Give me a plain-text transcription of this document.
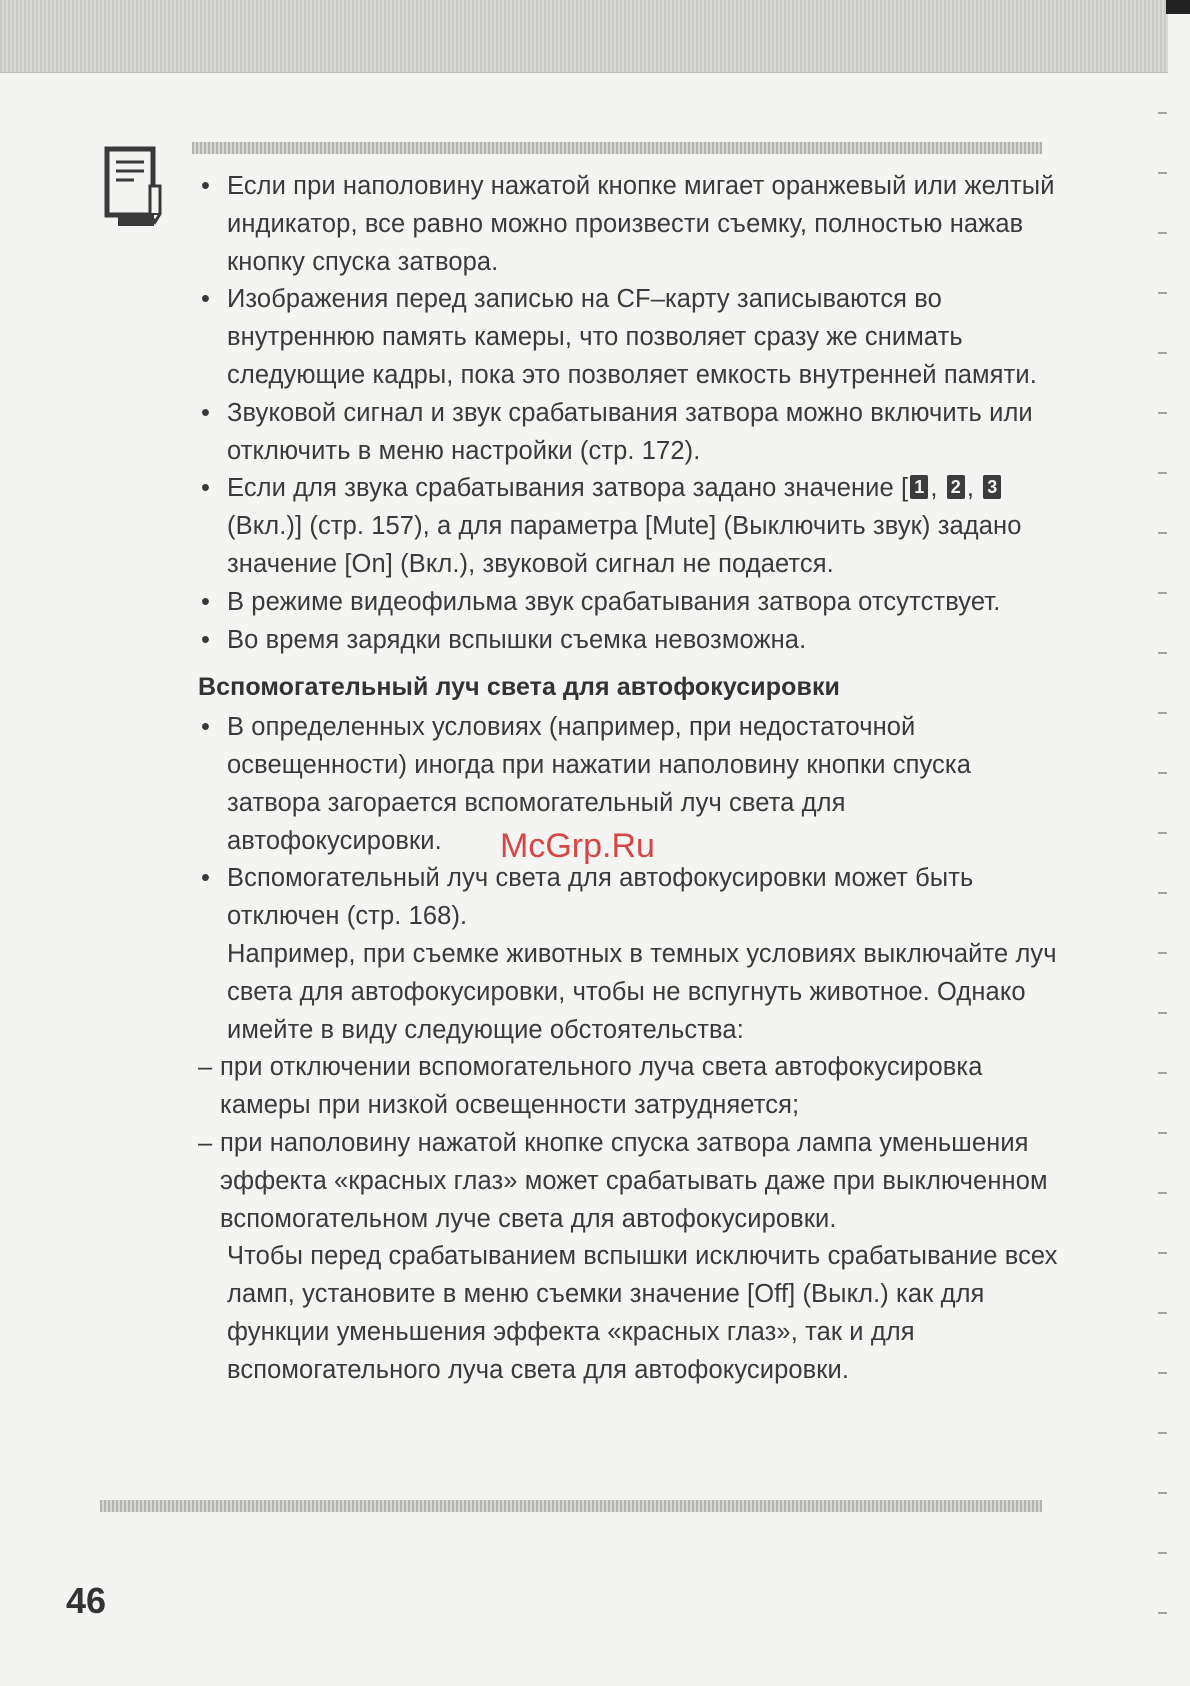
• Если при наполовину нажатой кнопке мигает оранжевый или желтый индикатор, все равно можно произвести съемку, полностью нажав кнопку спуска затвора.
• Изображения перед записью на CF–карту записываются во внутреннюю память камеры, что позволяет сразу же снимать следующие кадры, пока это позволяет емкость внутренней памяти.
• Звуковой сигнал и звук срабатывания затвора можно включить или отключить в меню настройки (стр. 172).
• Если для звука срабатывания затвора задано значение [ 1 , 2 , 3 (Вкл.)] (стр. 157), а для параметра [Mute] (Выключить звук) задано значение [On] (Вкл.), звуковой сигнал не подается.
• В режиме видеофильма звук срабатывания затвора отсутствует.
• Во время зарядки вспышки съемка невозможна.
Вспомогательный луч света для автофокусировки
• В определенных условиях (например, при недостаточной освещенности) иногда при нажатии наполовину кнопки спуска затвора загорается вспомогательный луч света для автофокусировки.
• Вспомогательный луч света для автофокусировки может быть отключен (стр. 168).
Например, при съемке животных в темных условиях выключайте луч света для автофокусировки, чтобы не вспугнуть животное. Однако имейте в виду следующие обстоятельства:
– при отключении вспомогательного луча света автофокусировка камеры при низкой освещенности затрудняется;
– при наполовину нажатой кнопке спуска затвора лампа уменьшения эффекта «красных глаз» может срабатывать даже при выключенном вспомогательном луче света для автофокусировки.
Чтобы перед срабатыванием вспышки исключить срабатывание всех ламп, установите в меню съемки значение [Off] (Выкл.) как для функции уменьшения эффекта «красных глаз», так и для вспомогательного луча света для автофокусировки.
McGrp.Ru
46
